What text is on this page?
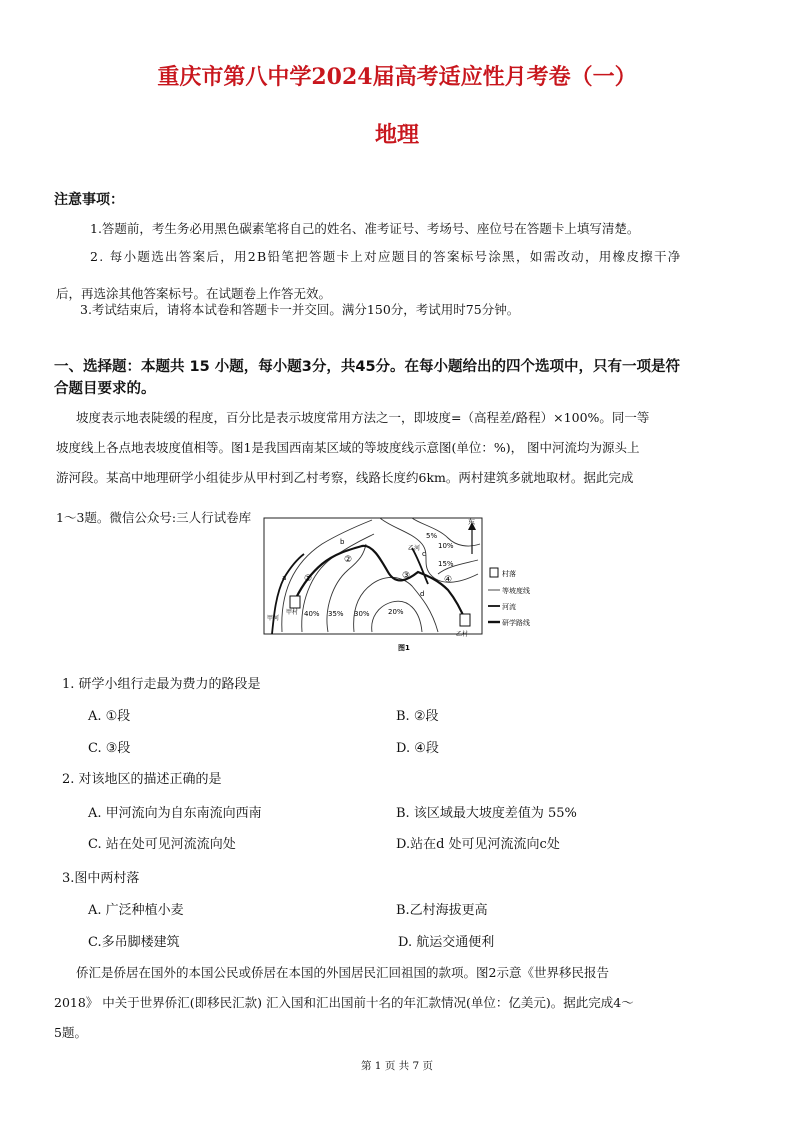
重庆市第八中学2024届高考适应性月考卷（一）
地理
注意事项：
1.答题前，考生务必用黑色碳素笔将自己的姓名、准考证号、考场号、座位号在答题卡上填写清楚。
2. 每小题选出答案后，用2B铅笔把答题卡上对应题目的答案标号涂黑，如需改动，用橡皮擦干净
后，再选涂其他答案标号。在试题卷上作答无效。
3.考试结束后，请将本试卷和答题卡一并交回。满分150分，考试用时75分钟。
一、选择题：本题共 15 小题，每小题3分，共45分。在每小题给出的四个选项中，只有一项是符
合题目要求的。
坡度表示地表陡缓的程度，百分比是表示坡度常用方法之一，即坡度=（高程差/路程）×100%。同一等
坡度线上各点地表坡度值相等。图1是我国西南某区域的等坡度线示意图(单位：%)， 图中河流均为源头上
游河段。某高中地理研学小组徒步从甲村到乙村考察，线路长度约6km。两村建筑多就地取材。据此完成
1～3题。微信公众号:三人行试卷库	东
5%
10%
15%
20%
30%
35%
40%
①
②
③	④
a
b
c
d
甲村
乙村
甲河
乙河
村落
等坡度线
河流
研学路线
图1
1. 研学小组行走最为费力的路段是
A. ①段	B. ②段
C. ③段	D. ④段
2. 对该地区的描述正确的是
A. 甲河流向为自东南流向西南	B. 该区域最大坡度差值为 55%
C. 站在处可见河流流向处	D.站在d 处可见河流流向c处
3.图中两村落
A. 广泛种植小麦	B.乙村海拔更高
C.多吊脚楼建筑	D. 航运交通便利
侨汇是侨居在国外的本国公民或侨居在本国的外国居民汇回祖国的款项。图2示意《世界移民报告
2018》 中关于世界侨汇(即移民汇款) 汇入国和汇出国前十名的年汇款情况(单位：亿美元)。据此完成4～
5题。
第 1 页 共 7 页
